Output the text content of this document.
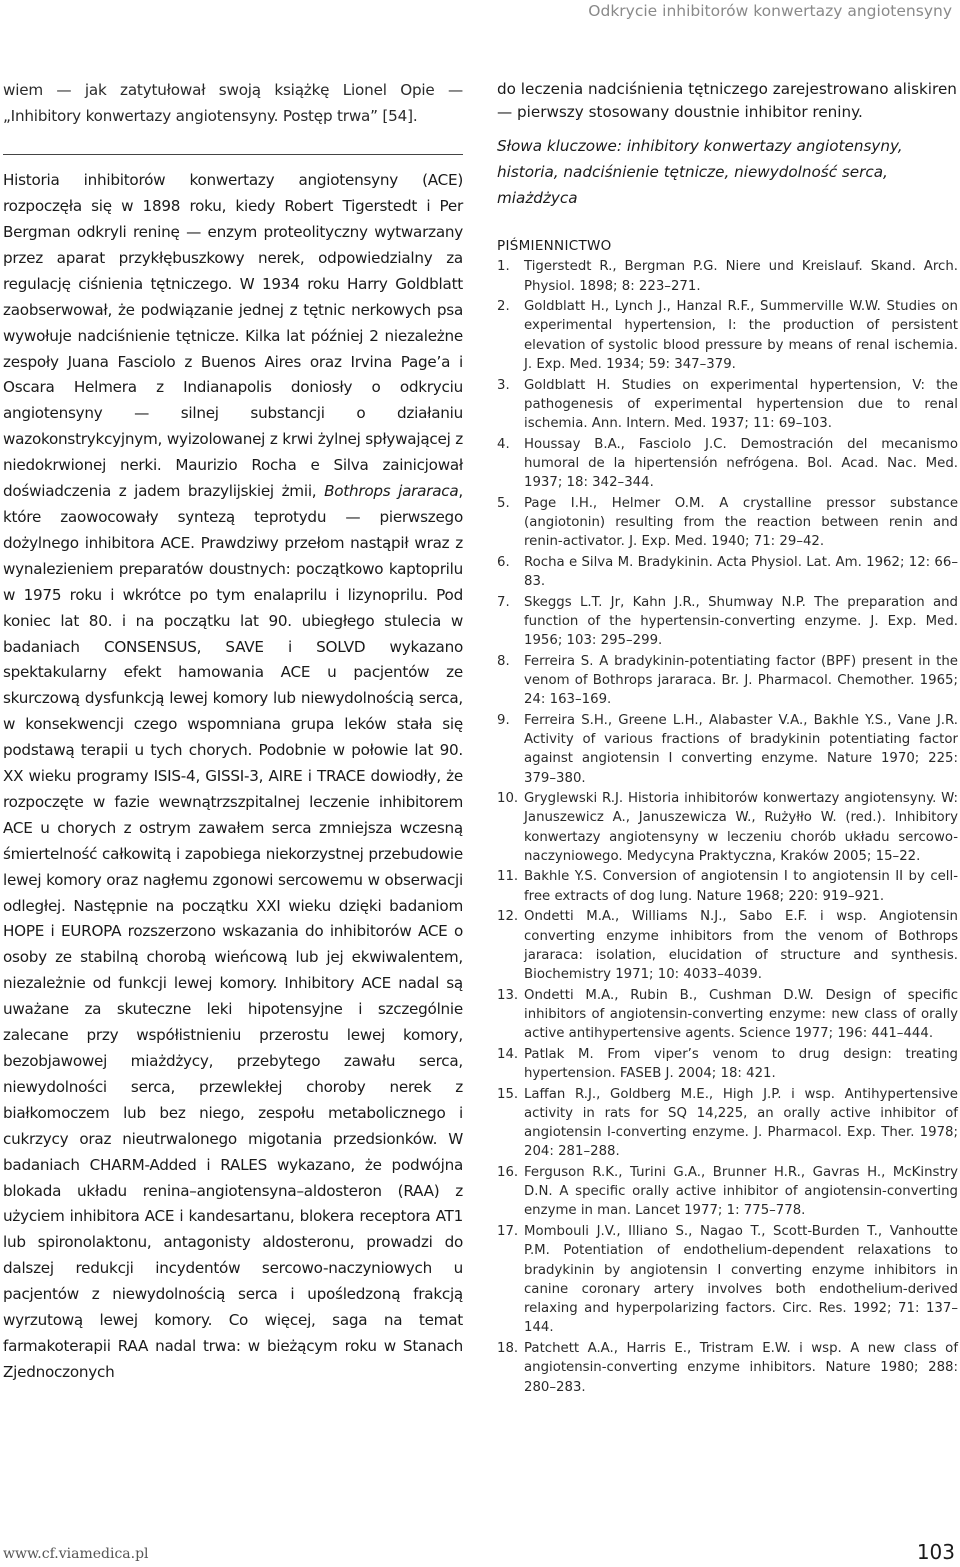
Odkrycie inhibitorów konwertazy angiotensyny

wiem — jak zatytułował swoją książkę Lionel Opie — „Inhibitory konwertazy angiotensyny. Postęp trwa” [54].

Historia inhibitorów konwertazy angiotensyny (ACE) rozpoczęła się w 1898 roku, kiedy Robert Tigerstedt i Per Bergman odkryli reninę — enzym proteolityczny wytwarzany przez aparat przykłębuszkowy nerek, odpowiedzialny za regulację ciśnienia tętniczego. W 1934 roku Harry Goldblatt zaobserwował, że podwiązanie jednej z tętnic nerkowych psa wywołuje nadciśnienie tętnicze. Kilka lat później 2 niezależne zespoły Juana Fasciolo z Buenos Aires oraz Irvina Page’a i Oscara Helmera z Indianapolis doniosły o odkryciu angiotensyny — silnej substancji o działaniu wazokonstrykcyjnym, wyizolowanej z krwi żylnej spływającej z niedokrwionej nerki. Maurizio Rocha e Silva zainicjował doświadczenia z jadem brazylijskiej żmii, Bothrops jararaca, które zaowocowały syntezą teprotydu — pierwszego dożylnego inhibitora ACE. Prawdziwy przełom nastąpił wraz z wynalezieniem preparatów doustnych: początkowo kaptoprilu w 1975 roku i wkrótce po tym enalaprilu i lizynoprilu. Pod koniec lat 80. i na początku lat 90. ubiegłego stulecia w badaniach CONSENSUS, SAVE i SOLVD wykazano spektakularny efekt hamowania ACE u pacjentów ze skurczową dysfunkcją lewej komory lub niewydolnością serca, w konsekwencji czego wspomniana grupa leków stała się podstawą terapii u tych chorych. Podobnie w połowie lat 90. XX wieku programy ISIS-4, GISSI-3, AIRE i TRACE dowiodły, że rozpoczęte w fazie wewnątrzszpitalnej leczenie inhibitorem ACE u chorych z ostrym zawałem serca zmniejsza wczesną śmiertelność całkowitą i zapobiega niekorzystnej przebudowie lewej komory oraz nagłemu zgonowi sercowemu w obserwacji odległej. Następnie na początku XXI wieku dzięki badaniom HOPE i EUROPA rozszerzono wskazania do inhibitorów ACE o osoby ze stabilną chorobą wieńcową lub jej ekwiwalentem, niezależnie od funkcji lewej komory. Inhibitory ACE nadal są uważane za skuteczne leki hipotensyjne i szczególnie zalecane przy współistnieniu przerostu lewej komory, bezobjawowej miażdżycy, przebytego zawału serca, niewydolności serca, przewlekłej choroby nerek z białkomoczem lub bez niego, zespołu metabolicznego i cukrzycy oraz nieutrwalonego migotania przedsionków. W badaniach CHARM-Added i RALES wykazano, że podwójna blokada układu renina–angiotensyna–aldosteron (RAA) z użyciem inhibitora ACE i kandesartanu, blokera receptora AT1 lub spironolaktonu, antagonisty aldosteronu, prowadzi do dalszej redukcji incydentów sercowo-naczyniowych u pacjentów z niewydolnością serca i upośledzoną frakcją wyrzutową lewej komory. Co więcej, saga na temat farmakoterapii RAA nadal trwa: w bieżącym roku w Stanach Zjednoczonych

do leczenia nadciśnienia tętniczego zarejestrowano aliskiren — pierwszy stosowany doustnie inhibitor reniny.

Słowa kluczowe: inhibitory konwertazy angiotensyny, historia, nadciśnienie tętnicze, niewydolność serca, miażdżyca

PIŚMIENNICTWO
1.	Tigerstedt R., Bergman P.G. Niere und Kreislauf. Skand. Arch. Physiol. 1898; 8: 223–271.
2.	Goldblatt H., Lynch J., Hanzal R.F., Summerville W.W. Studies on experimental hypertension, I: the production of persistent elevation of systolic blood pressure by means of renal ischemia. J. Exp. Med. 1934; 59: 347–379.
3.	Goldblatt H. Studies on experimental hypertension, V: the pathogenesis of experimental hypertension due to renal ischemia. Ann. Intern. Med. 1937; 11: 69–103.
4.	Houssay B.A., Fasciolo J.C. Demostración del mecanismo humoral de la hipertensión nefrógena. Bol. Acad. Nac. Med. 1937; 18: 342–344.
5.	Page I.H., Helmer O.M. A crystalline pressor substance (angiotonin) resulting from the reaction between renin and renin-activator. J. Exp. Med. 1940; 71: 29–42.
6.	Rocha e Silva M. Bradykinin. Acta Physiol. Lat. Am. 1962; 12: 66–83.
7.	Skeggs L.T. Jr, Kahn J.R., Shumway N.P. The preparation and function of the hypertensin-converting enzyme. J. Exp. Med. 1956; 103: 295–299.
8.	Ferreira S. A bradykinin-potentiating factor (BPF) present in the venom of Bothrops jararaca. Br. J. Pharmacol. Chemother. 1965; 24: 163–169.
9.	Ferreira S.H., Greene L.H., Alabaster V.A., Bakhle Y.S., Vane J.R. Activity of various fractions of bradykinin potentiating factor against angiotensin I converting enzyme. Nature 1970; 225: 379–380.
10. Gryglewski R.J. Historia inhibitorów konwertazy angiotensyny. W: Januszewicz A., Januszewicza W., Rużyłło W. (red.). Inhibitory konwertazy angiotensyny w leczeniu chorób układu sercowo-naczyniowego. Medycyna Praktyczna, Kraków 2005; 15–22.
11. Bakhle Y.S. Conversion of angiotensin I to angiotensin II by cell-free extracts of dog lung. Nature 1968; 220: 919–921.
12. Ondetti M.A., Williams N.J., Sabo E.F. i wsp. Angiotensin converting enzyme inhibitors from the venom of Bothrops jararaca: isolation, elucidation of structure and synthesis. Biochemistry 1971; 10: 4033–4039.
13. Ondetti M.A., Rubin B., Cushman D.W. Design of specific inhibitors of angiotensin-converting enzyme: new class of orally active antihypertensive agents. Science 1977; 196: 441–444.
14. Patlak M. From viper’s venom to drug design: treating hypertension. FASEB J. 2004; 18: 421.
15. Laffan R.J., Goldberg M.E., High J.P. i wsp. Antihypertensive activity in rats for SQ 14,225, an orally active inhibitor of angiotensin I-converting enzyme. J. Pharmacol. Exp. Ther. 1978; 204: 281–288.
16. Ferguson R.K., Turini G.A., Brunner H.R., Gavras H., McKinstry D.N. A specific orally active inhibitor of angiotensin-converting enzyme in man. Lancet 1977; 1: 775–778.
17. Mombouli J.V., Illiano S., Nagao T., Scott-Burden T., Vanhoutte P.M. Potentiation of endothelium-dependent relaxations to bradykinin by angiotensin I converting enzyme inhibitors in canine coronary artery involves both endothelium-derived relaxing and hyperpolarizing factors. Circ. Res. 1992; 71: 137–144.
18. Patchett A.A., Harris E., Tristram E.W. i wsp. A new class of angiotensin-converting enzyme inhibitors. Nature 1980; 288: 280–283.
www.cf.viamedica.pl	103
